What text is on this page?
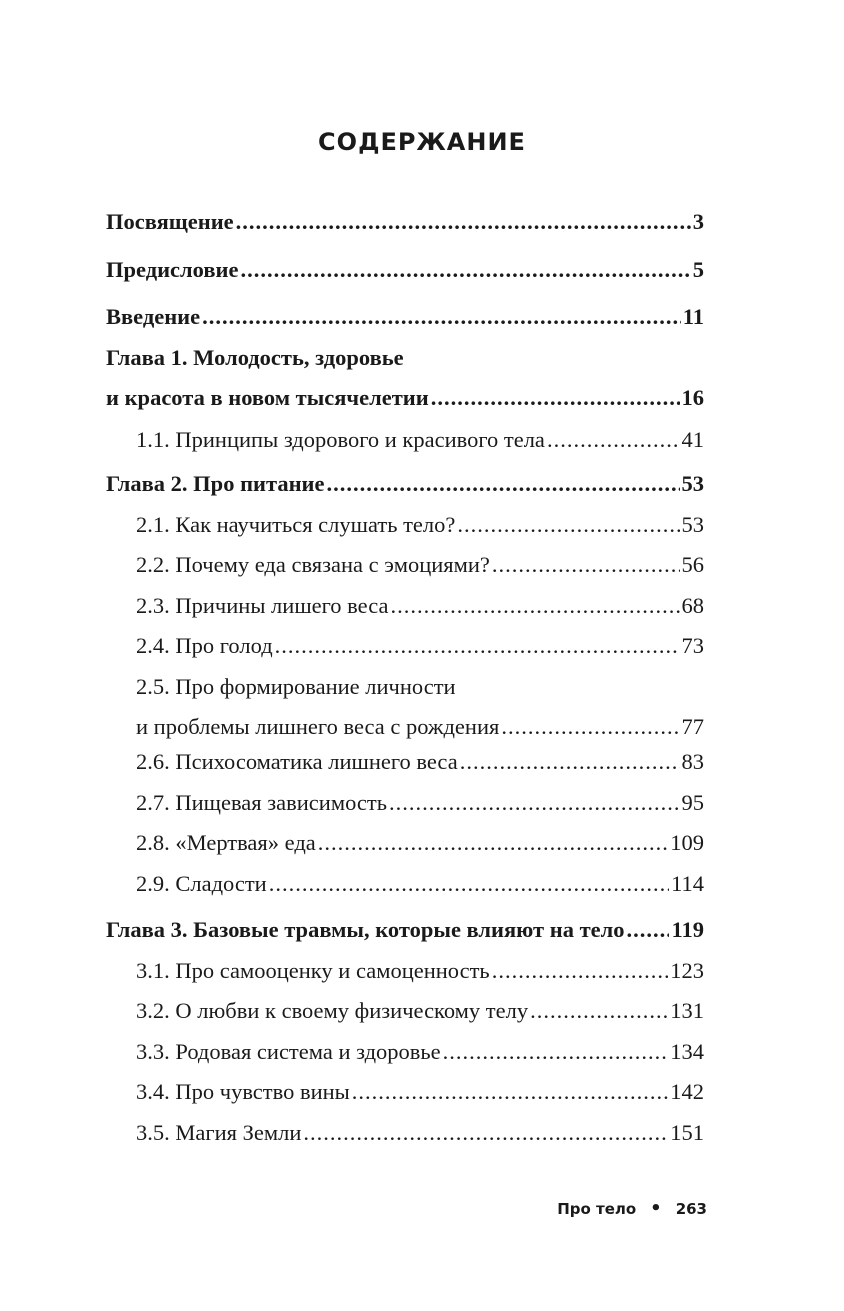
СОДЕРЖАНИЕ
Посвящение .....	3
Предисловие .....	5
Введение .....	11
Глава 1. Молодость, здоровье
и красота в новом тысячелетии .....	16
1.1. Принципы здорового и красивого тела .....	41
Глава 2. Про питание .....	53
2.1. Как научиться слушать тело? .....	53
2.2. Почему еда связана с эмоциями? .....	56
2.3. Причины лишего веса .....	68
2.4. Про голод .....	73
2.5. Про формирование личности
и проблемы лишнего веса с рождения .....	77
2.6. Психосоматика лишнего веса .....	83
2.7. Пищевая зависимость .....	95
2.8. «Мертвая» еда .....	109
2.9. Сладости .....	114
Глава 3. Базовые травмы, которые влияют на тело ..... 119
3.1. Про самооценку и самоценность .....	123
3.2. О любви к своему физическому телу .....	131
3.3. Родовая система и здоровье .....	134
3.4. Про чувство вины .....	142
3.5. Магия Земли .....	151
Про тело • 263
